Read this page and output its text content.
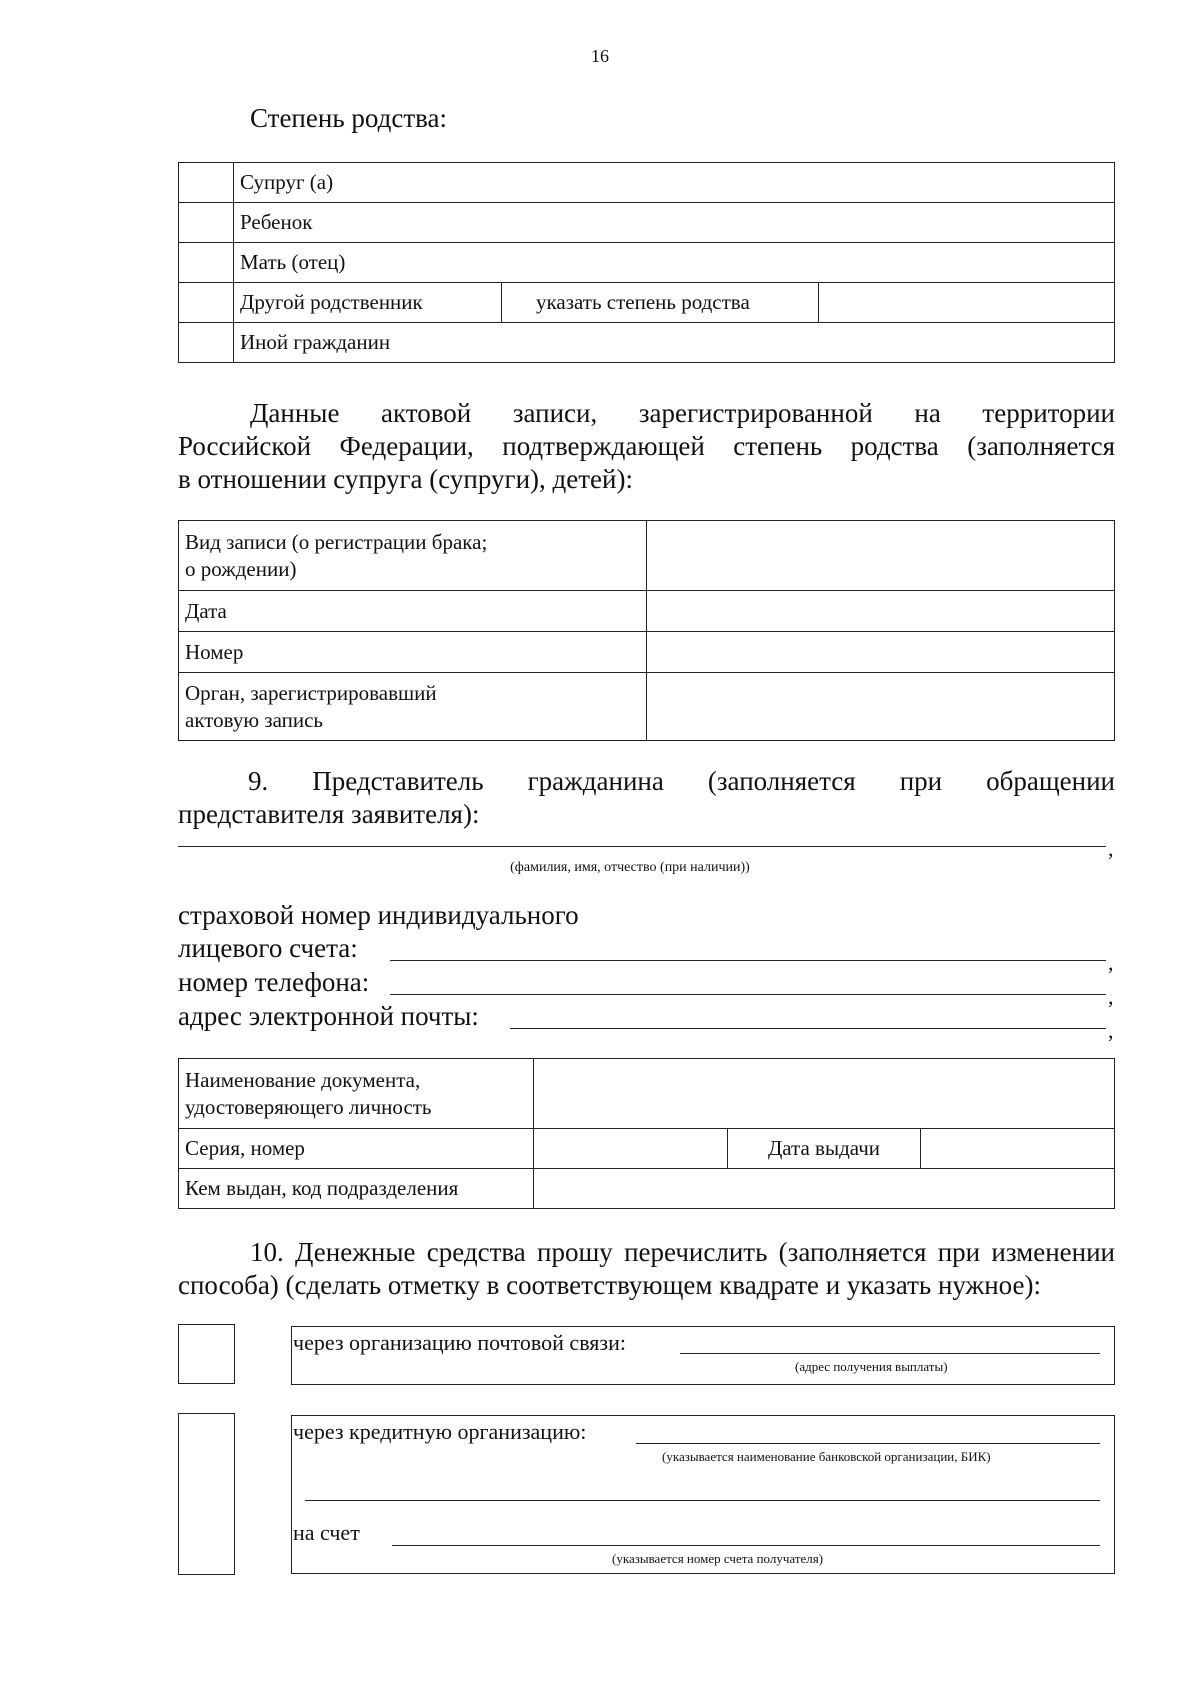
16
Степень родства:
	Супруг (а)		
	Ребенок		
	Мать (отец)		
	Другой родственник	указать степень родства	
	Иной гражданин		
Данные актовой записи, зарегистрированной на территории
Российской Федерации, подтверждающей степень родства (заполняется
в отношении супруга (супруги), детей):
Вид записи (о регистрации брака;
о рождении)	
Дата	
Номер	
Орган, зарегистрировавший
актовую запись	
9. Представитель гражданина (заполняется при обращении
представителя заявителя):
,
(фамилия, имя, отчество (при наличии))
страховой номер индивидуального
лицевого счета:	,
номер телефона:	,
адрес электронной почты:	,
Наименование документа,
удостоверяющего личность			
Серия, номер		Дата выдачи	
Кем выдан, код подразделения			
10. Денежные средства прошу перечислить (заполняется при изменении
способа) (сделать отметку в соответствующем квадрате и указать нужное):
через организацию почтовой связи:
(адрес получения выплаты)
через кредитную организацию:
(указывается наименование банковской организации, БИК)
на счет
(указывается номер счета получателя)
